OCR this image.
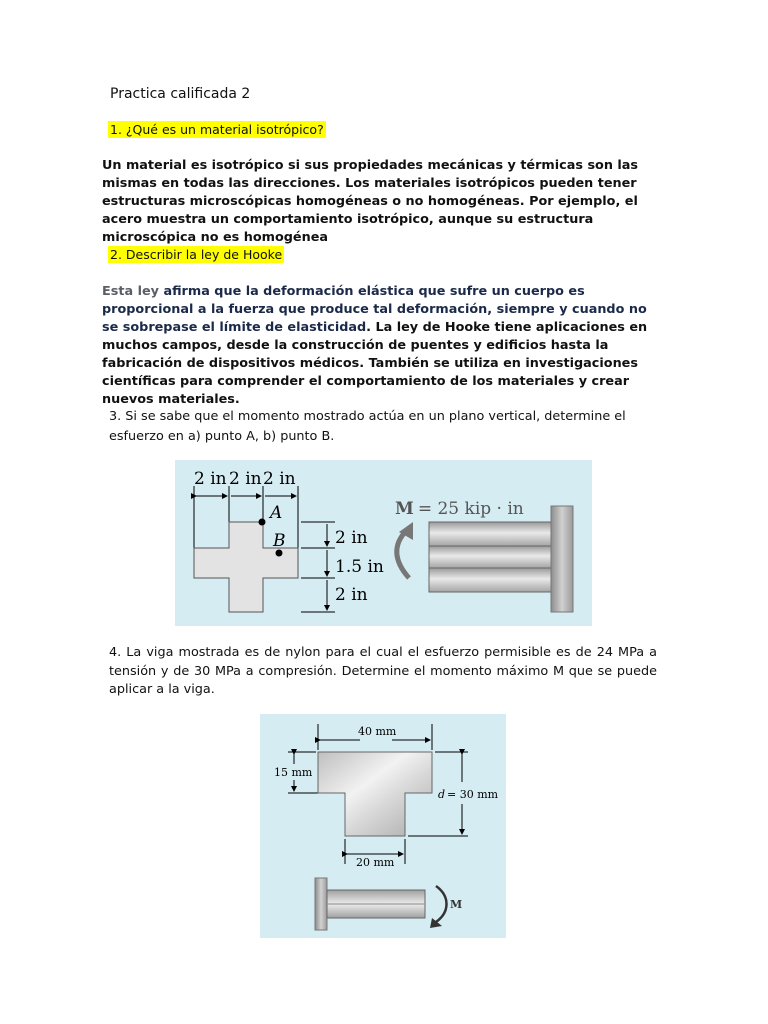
Practica calificada 2
1. ¿Qué es un material isotrópico?
Un material es isotrópico si sus propiedades mecánicas y térmicas son las mismas en todas las direcciones. Los materiales isotrópicos pueden tener estructuras microscópicas homogéneas o no homogéneas. Por ejemplo, el acero muestra un comportamiento isotrópico, aunque su estructura microscópica no es homogénea
2. Describir la ley de Hooke
Esta ley afirma que la deformación elástica que sufre un cuerpo es proporcional a la fuerza que produce tal deformación, siempre y cuando no se sobrepase el límite de elasticidad. La ley de Hooke tiene aplicaciones en muchos campos, desde la construcción de puentes y edificios hasta la fabricación de dispositivos médicos. También se utiliza en investigaciones científicas para comprender el comportamiento de los materiales y crear nuevos materiales.
3. Si se sabe que el momento mostrado actúa en un plano vertical, determine el esfuerzo en a) punto A, b) punto B.
2 in 2 in 2 in
A
B	2 in
1.5 in
2 in
M = 25 kip · in
4. La viga mostrada es de nylon para el cual el esfuerzo permisible es de 24 MPa a tensión y de 30 MPa a compresión. Determine el momento máximo M que se puede aplicar a la viga.
40 mm
15 mm
d = 30 mm
20 mm
M
